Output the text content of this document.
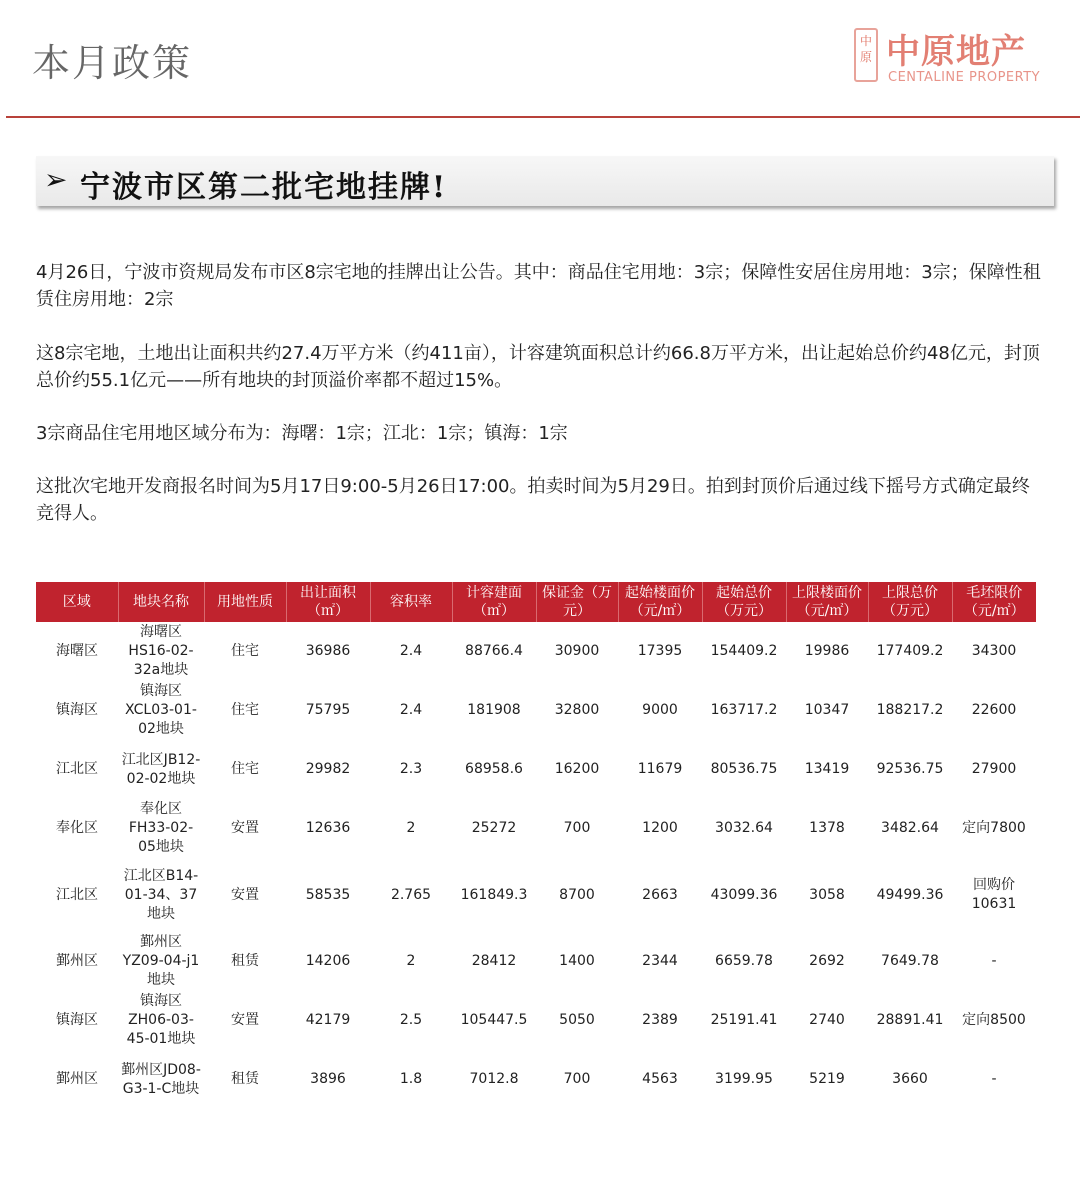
本月政策	中原 中原地产
CENTALINE PROPERTY
➢ 宁波市区第二批宅地挂牌!

4月26日，宁波市资规局发布市区8宗宅地的挂牌出让公告。其中：商品住宅用地：3宗；保障性安居住房用地：3宗；保障性租赁住房用地：2宗

这8宗宅地，土地出让面积共约27.4万平方米（约411亩），计容建筑面积总计约66.8万平方米，出让起始总价约48亿元，封顶总价约55.1亿元——所有地块的封顶溢价率都不超过15%。

3宗商品住宅用地区域分布为：海曙：1宗；江北：1宗；镇海：1宗

这批次宅地开发商报名时间为5月17日9:00-5月26日17:00。拍卖时间为5月29日。拍到封顶价后通过线下摇号方式确定最终竞得人。

区域	地块名称	用地性质	出让面积（㎡）	容积率	计容建面（㎡）	保证金（万元）	起始楼面价（元/㎡）	起始总价（万元）	上限楼面价（元/㎡）	上限总价（万元）	毛坯限价（元/㎡）
海曙区	海曙区HS16-02-32a地块	住宅	36986	2.4	88766.4	30900	17395	154409.2	19986	177409.2	34300
镇海区	镇海区XCL03-01-02地块	住宅	75795	2.4	181908	32800	9000	163717.2	10347	188217.2	22600
江北区	江北区JB12-02-02地块	住宅	29982	2.3	68958.6	16200	11679	80536.75	13419	92536.75	27900
奉化区	奉化区FH33-02-05地块	安置	12636	2	25272	700	1200	3032.64	1378	3482.64	定向7800
江北区	江北区B14-01-34、37地块	安置	58535	2.765	161849.3	8700	2663	43099.36	3058	49499.36	回购价10631
鄞州区	鄞州区YZ09-04-j1地块	租赁	14206	2	28412	1400	2344	6659.78	2692	7649.78	-
镇海区	镇海区ZH06-03-45-01地块	安置	42179	2.5	105447.5	5050	2389	25191.41	2740	28891.41	定向8500
鄞州区	鄞州区JD08-G3-1-C地块	租赁	3896	1.8	7012.8	700	4563	3199.95	5219	3660	-
